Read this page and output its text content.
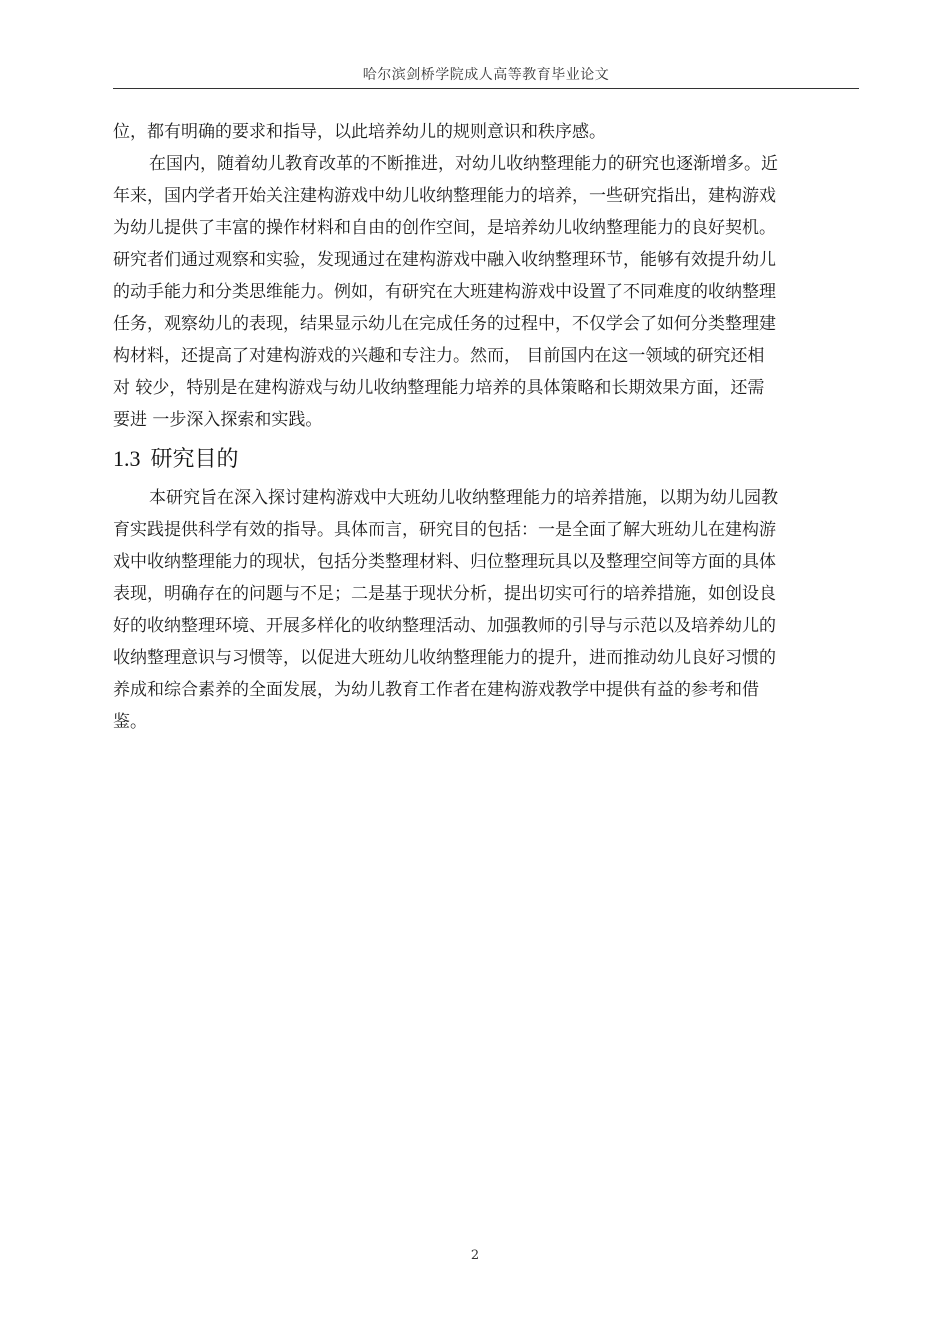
哈尔滨剑桥学院成人高等教育毕业论文
位，都有明确的要求和指导，以此培养幼儿的规则意识和秩序感。
在国内，随着幼儿教育改革的不断推进，对幼儿收纳整理能力的研究也逐渐增多。近
年来，国内学者开始关注建构游戏中幼儿收纳整理能力的培养，一些研究指出，建构游戏
为幼儿提供了丰富的操作材料和自由的创作空间，是培养幼儿收纳整理能力的良好契机。
研究者们通过观察和实验，发现通过在建构游戏中融入收纳整理环节，能够有效提升幼儿
的动手能力和分类思维能力。例如，有研究在大班建构游戏中设置了不同难度的收纳整理
任务，观察幼儿的表现，结果显示幼儿在完成任务的过程中，不仅学会了如何分类整理建
构材料，还提高了对建构游戏的兴趣和专注力。然而， 目前国内在这一领域的研究还相
对 较少，特别是在建构游戏与幼儿收纳整理能力培养的具体策略和长期效果方面，还需
要进 一步深入探索和实践。
1.3 研究目的
本研究旨在深入探讨建构游戏中大班幼儿收纳整理能力的培养措施，以期为幼儿园教
育实践提供科学有效的指导。具体而言，研究目的包括：一是全面了解大班幼儿在建构游
戏中收纳整理能力的现状，包括分类整理材料、归位整理玩具以及整理空间等方面的具体
表现，明确存在的问题与不足；二是基于现状分析，提出切实可行的培养措施，如创设良
好的收纳整理环境、开展多样化的收纳整理活动、加强教师的引导与示范以及培养幼儿的
收纳整理意识与习惯等，以促进大班幼儿收纳整理能力的提升，进而推动幼儿良好习惯的
养成和综合素养的全面发展，为幼儿教育工作者在建构游戏教学中提供有益的参考和借
鉴。
2
